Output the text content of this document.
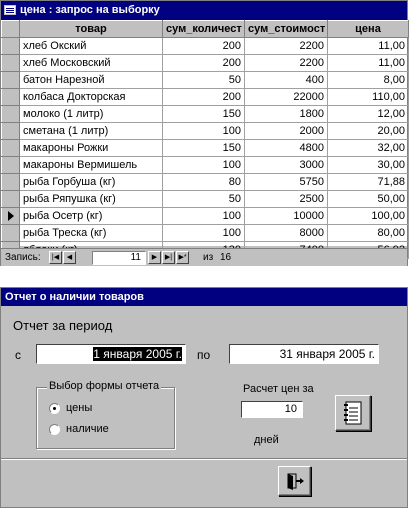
цена : запрос на выборку
	товар	сум_количест	сум_стоимост	цена
	хлеб Окский	200	2200	11,00
	хлеб Московский	200	2200	11,00
	батон Нарезной	50	400	8,00
	колбаса Докторская	200	22000	110,00
	молоко (1 литр)	150	1800	12,00
	сметана (1 литр)	100	2000	20,00
	макароны Рожки	150	4800	32,00
	макароны Вермишель	100	3000	30,00
	рыба Горбуша (кг)	80	5750	71,88
	рыба Ряпушка (кг)	50	2500	50,00
	рыба Осетр (кг)	100	10000	100,00
	рыба Треска (кг)	100	8000	80,00

Запись:	|◀	◀	11	▶	▶| ▶* из 16
Отчет о наличии товаров
Отчет за период
с	1 января 2005 г.	по	31 января 2005 г.
Выбор формы отчета
цены
наличие
Расчет цен за
10
дней
